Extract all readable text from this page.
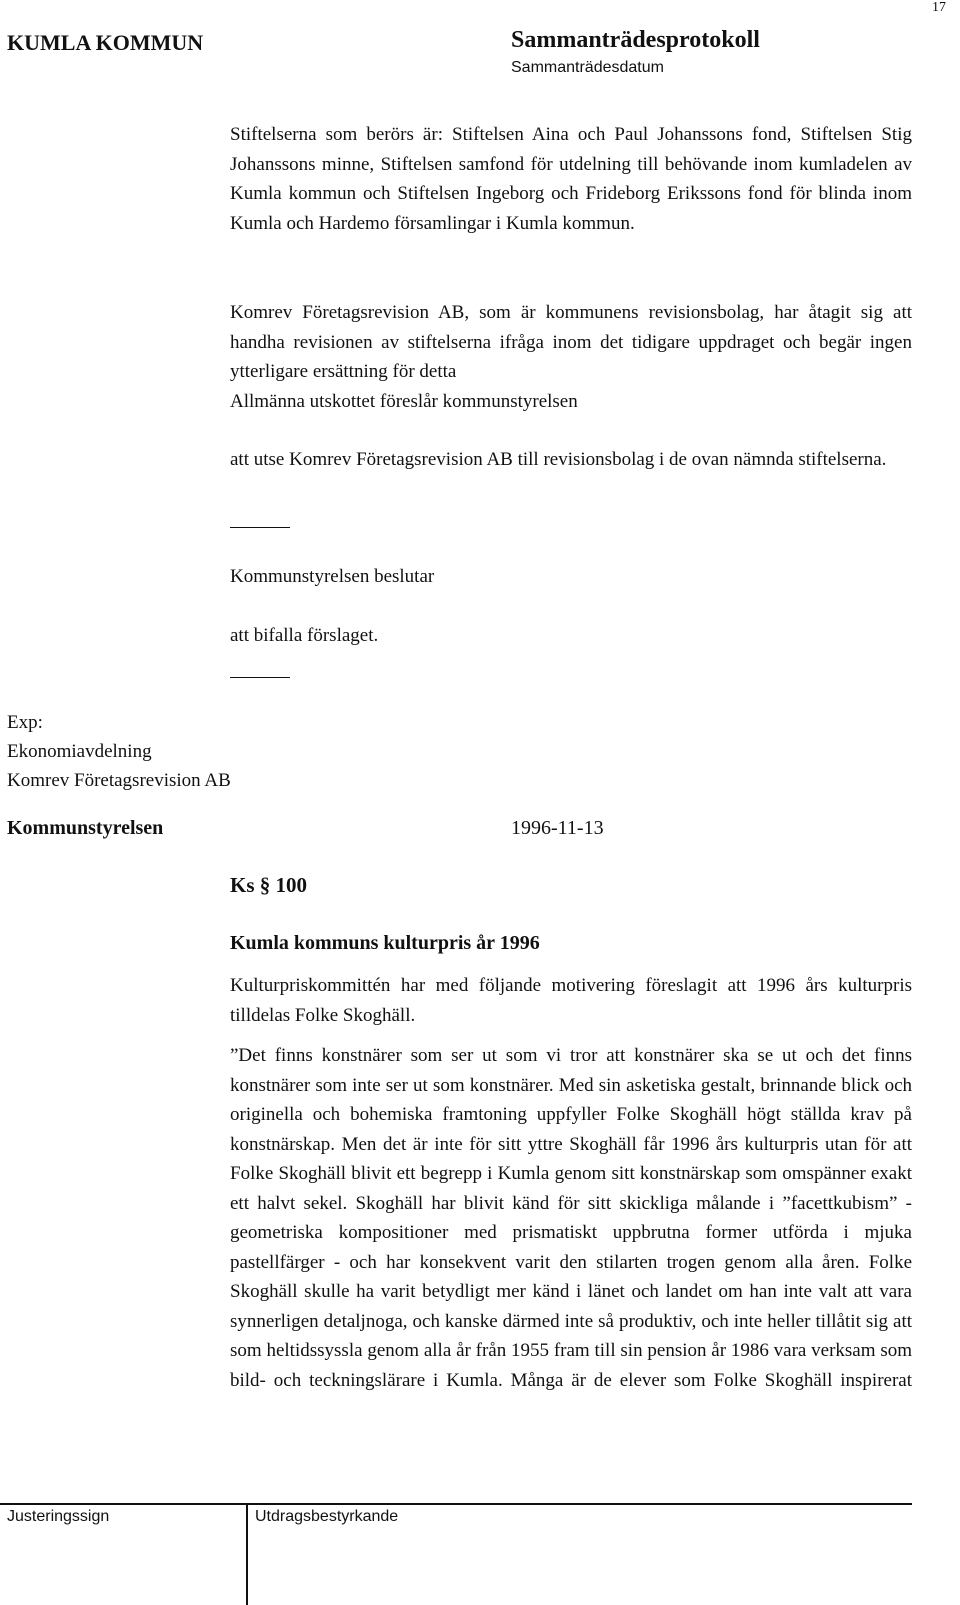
17
KUMLA KOMMUN	Sammanträdesprotokoll
Sammanträdesdatum

Stiftelserna som berörs är: Stiftelsen Aina och Paul Johanssons fond, Stiftelsen Stig Johanssons minne, Stiftelsen samfond för utdelning till behövande inom kumladelen av Kumla kommun och Stiftelsen Ingeborg och Frideborg Erikssons fond för blinda inom Kumla och Hardemo församlingar i Kumla kommun.

Komrev Företagsrevision AB, som är kommunens revisionsbolag, har åtagit sig att handha revisionen av stiftelserna ifråga inom det tidigare uppdraget och begär ingen ytterligare ersättning för detta

Allmänna utskottet föreslår kommunstyrelsen

att utse Komrev Företagsrevision AB till revisionsbolag i de ovan nämnda stiftelserna.

Kommunstyrelsen beslutar
att bifalla förslaget.
Exp:
Ekonomiavdelning
Komrev Företagsrevision AB
Kommunstyrelsen	1996-11-13
Ks § 100
Kumla kommuns kulturpris år 1996

Kulturpriskommittén har med följande motivering föreslagit att 1996 års kulturpris tilldelas Folke Skoghäll.

”Det finns konstnärer som ser ut som vi tror att konstnärer ska se ut och det finns konstnärer som inte ser ut som konstnärer. Med sin asketiska gestalt, brinnande blick och originella och bohemiska framtoning uppfyller Folke Skoghäll högt ställda krav på konstnärskap. Men det är inte för sitt yttre Skoghäll får 1996 års kulturpris utan för att Folke Skoghäll blivit ett begrepp i Kumla genom sitt konstnärskap som omspänner exakt ett halvt sekel. Skoghäll har blivit känd för sitt skickliga målande i ”facettkubism” - geometriska kompositioner med prismatiskt uppbrutna former utförda i mjuka pastellfärger - och har konsekvent varit den stilarten trogen genom alla åren. Folke Skoghäll skulle ha varit betydligt mer känd i länet och landet om han inte valt att vara synnerligen detaljnoga, och kanske därmed inte så produktiv, och inte heller tillåtit sig att som heltidssyssla genom alla år från 1955 fram till sin pension år 1986 vara verksam som bild- och teckningslärare i Kumla. Många är de elever som Folke Skoghäll inspirerat

Justeringssign	Utdragsbestyrkande
